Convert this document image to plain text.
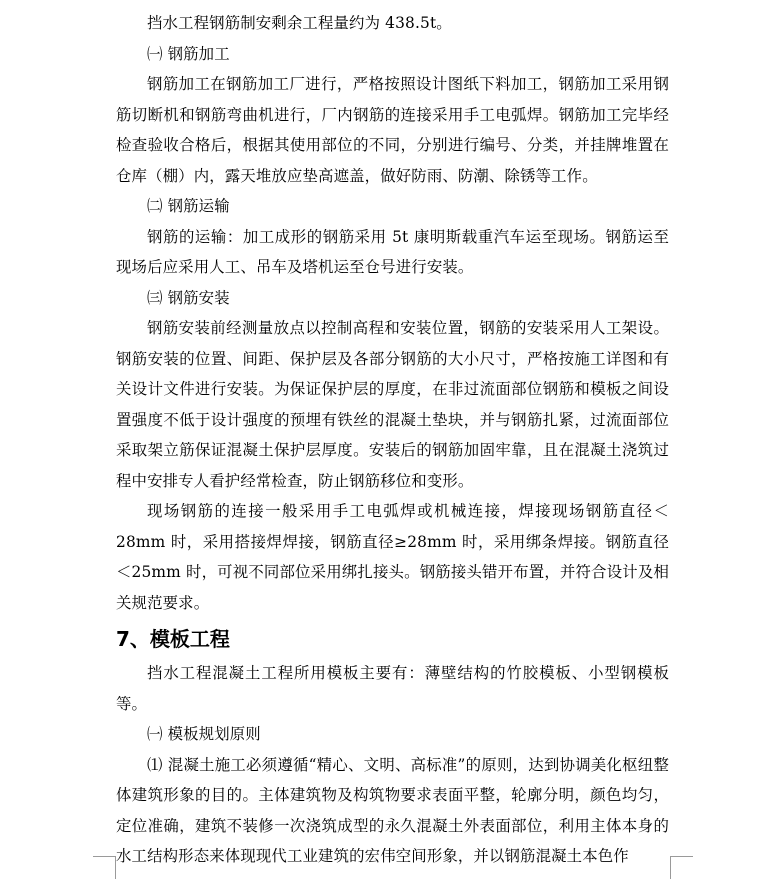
挡水工程钢筋制安剩余工程量约为 438.5t。

㈠ 钢筋加工

钢筋加工在钢筋加工厂进行，严格按照设计图纸下料加工，钢筋加工采用钢筋切断机和钢筋弯曲机进行，厂内钢筋的连接采用手工电弧焊。钢筋加工完毕经检查验收合格后，根据其使用部位的不同，分别进行编号、分类，并挂牌堆置在仓库（棚）内，露天堆放应垫高遮盖，做好防雨、防潮、除锈等工作。

㈡ 钢筋运输

钢筋的运输：加工成形的钢筋采用 5t 康明斯载重汽车运至现场。钢筋运至现场后应采用人工、吊车及塔机运至仓号进行安装。

㈢ 钢筋安装

钢筋安装前经测量放点以控制高程和安装位置，钢筋的安装采用人工架设。钢筋安装的位置、间距、保护层及各部分钢筋的大小尺寸，严格按施工详图和有关设计文件进行安装。为保证保护层的厚度，在非过流面部位钢筋和模板之间设置强度不低于设计强度的预埋有铁丝的混凝土垫块，并与钢筋扎紧，过流面部位采取架立筋保证混凝土保护层厚度。安装后的钢筋加固牢靠，且在混凝土浇筑过程中安排专人看护经常检查，防止钢筋移位和变形。

现场钢筋的连接一般采用手工电弧焊或机械连接，焊接现场钢筋直径＜28mm 时，采用搭接焊焊接，钢筋直径≥28mm 时，采用绑条焊接。钢筋直径＜25mm 时，可视不同部位采用绑扎接头。钢筋接头错开布置，并符合设计及相关规范要求。

7、模板工程

挡水工程混凝土工程所用模板主要有：薄壁结构的竹胶模板、小型钢模板等。

㈠ 模板规划原则

⑴ 混凝土施工必须遵循“精心、文明、高标准”的原则，达到协调美化枢纽整体建筑形象的目的。主体建筑物及构筑物要求表面平整，轮廓分明，颜色均匀，定位准确，建筑不装修一次浇筑成型的永久混凝土外表面部位，利用主体本身的水工结构形态来体现现代工业建筑的宏伟空间形象，并以钢筋混凝土本色作
